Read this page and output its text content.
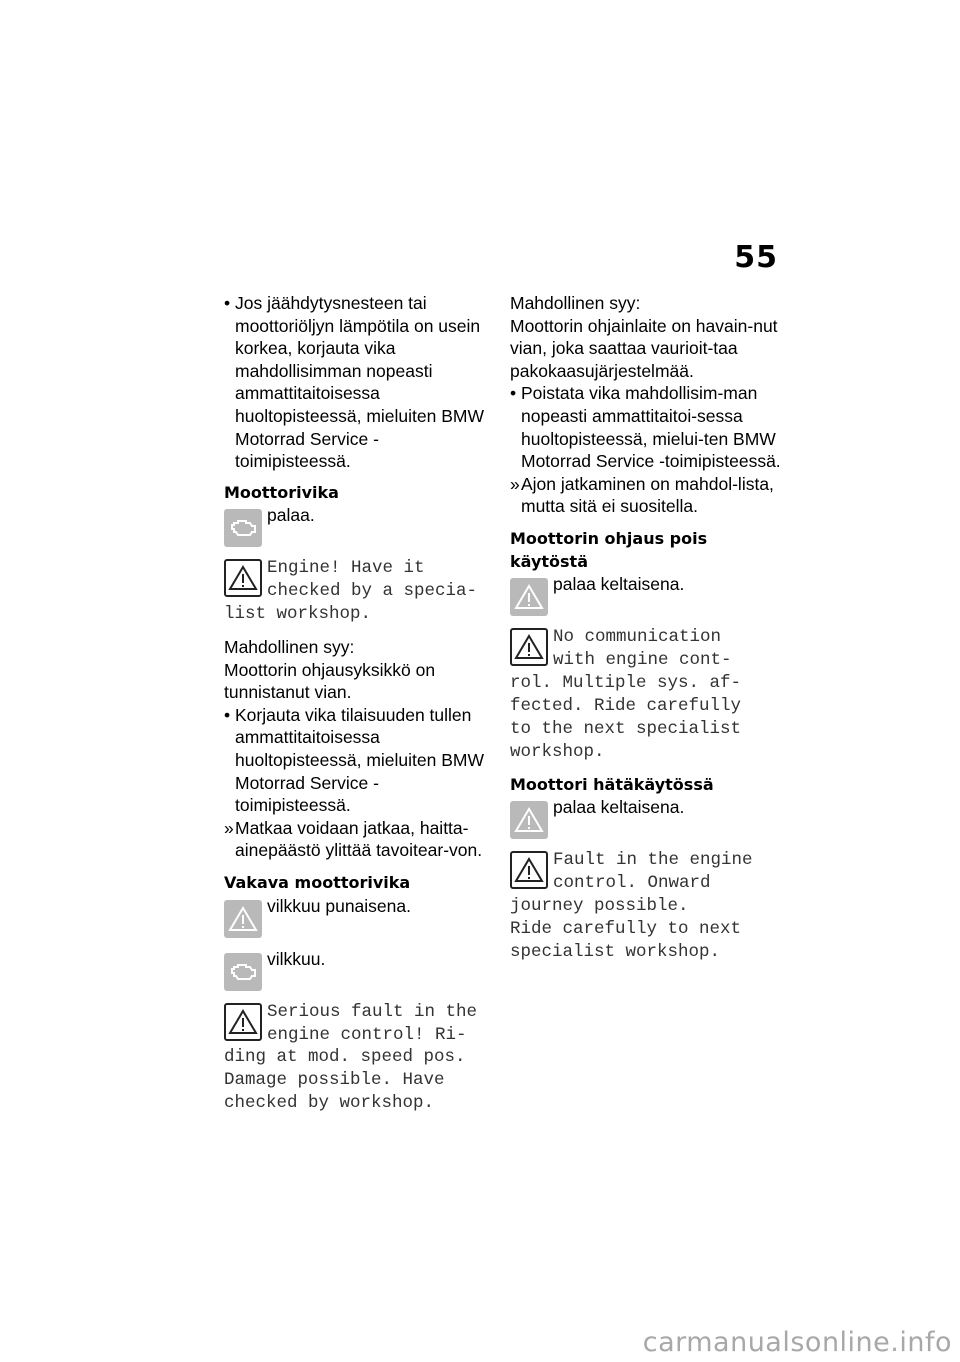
55

• Jos jäähdytysnesteen tai moottoriöljyn lämpötila on usein korkea, korjauta vika mahdollisimman nopeasti ammattitaitoisessa huoltopisteessä, mieluiten BMW Motorrad Service -toimipisteessä.

Moottorivika
palaa.
Engine! Have it
checked by a specia-
list workshop.

Mahdollinen syy:

Moottorin ohjausyksikkö on tunnistanut vian.

• Korjauta vika tilaisuuden tullen ammattitaitoisessa huoltopisteessä, mieluiten BMW Motorrad Service -toimipisteessä.

»Matkaa voidaan jatkaa, haitta-ainepäästö ylittää tavoitear-von.

Vakava moottorivika
vilkkuu punaisena.
vilkkuu.
Serious fault in the
engine control! Ri-
ding at mod. speed pos.
Damage possible. Have
checked by workshop.

Mahdollinen syy:

Moottorin ohjainlaite on havain-nut vian, joka saattaa vaurioit-taa pakokaasujärjestelmää.

• Poistata vika mahdollisim-man nopeasti ammattitaitoi-sessa huoltopisteessä, mielui-ten BMW Motorrad Service -toimipisteessä.

»Ajon jatkaminen on mahdol-lista, mutta sitä ei suositella.

Moottorin ohjaus pois
käytöstä
palaa keltaisena.
No communication
with engine cont-
rol. Multiple sys. af-
fected. Ride carefully
to the next specialist
workshop.
Moottori hätäkäytössä
palaa keltaisena.
Fault in the engine
control. Onward
journey possible.
Ride carefully to next
specialist workshop.
carmanualsonline.info
